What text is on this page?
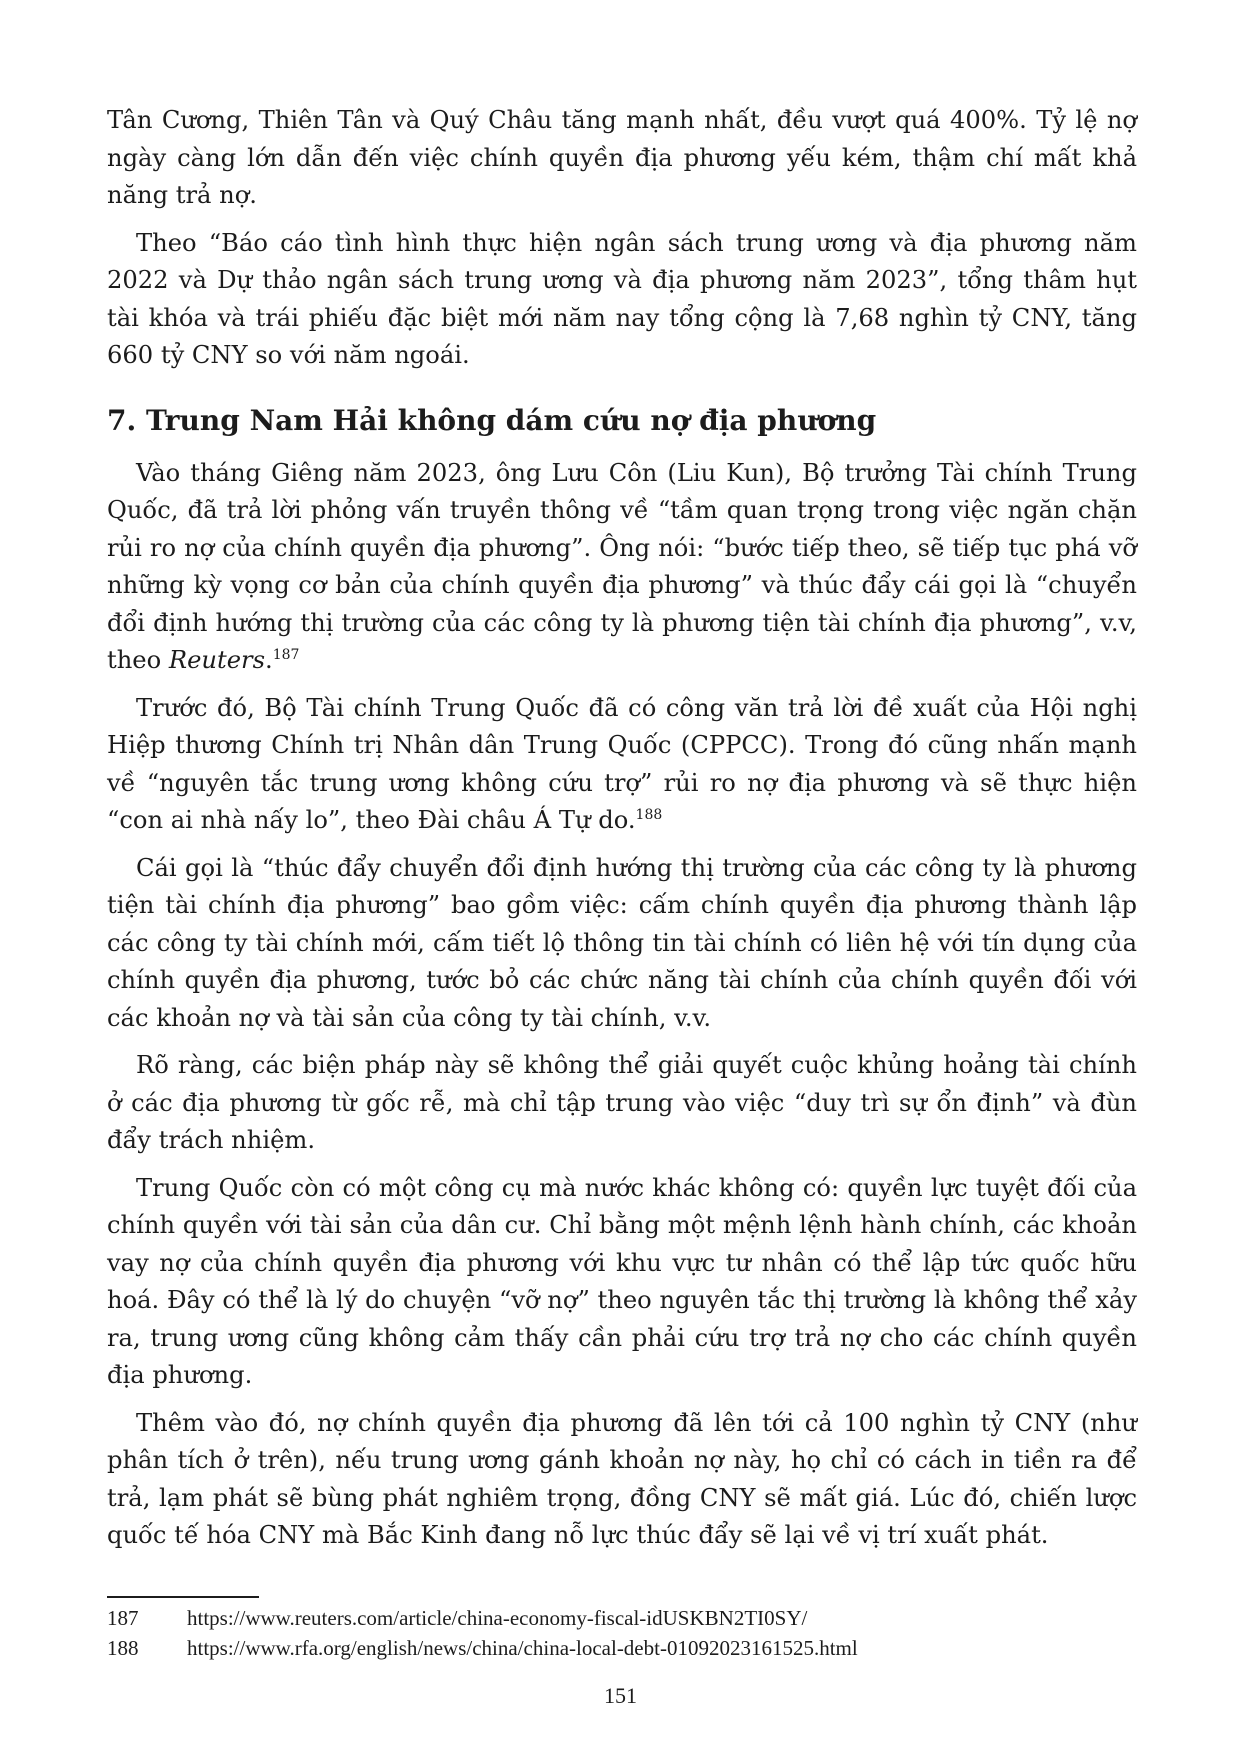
Tân Cương, Thiên Tân và Quý Châu tăng mạnh nhất, đều vượt quá 400%. Tỷ lệ nợ ngày càng lớn dẫn đến việc chính quyền địa phương yếu kém, thậm chí mất khả năng trả nợ.

Theo “Báo cáo tình hình thực hiện ngân sách trung ương và địa phương năm 2022 và Dự thảo ngân sách trung ương và địa phương năm 2023”, tổng thâm hụt tài khóa và trái phiếu đặc biệt mới năm nay tổng cộng là 7,68 nghìn tỷ CNY, tăng 660 tỷ CNY so với năm ngoái.

7. Trung Nam Hải không dám cứu nợ địa phương

Vào tháng Giêng năm 2023, ông Lưu Côn (Liu Kun), Bộ trưởng Tài chính Trung Quốc, đã trả lời phỏng vấn truyền thông về “tầm quan trọng trong việc ngăn chặn rủi ro nợ của chính quyền địa phương”. Ông nói: “bước tiếp theo, sẽ tiếp tục phá vỡ những kỳ vọng cơ bản của chính quyền địa phương” và thúc đẩy cái gọi là “chuyển đổi định hướng thị trường của các công ty là phương tiện tài chính địa phương”, v.v, theo Reuters.$^{187}$

Trước đó, Bộ Tài chính Trung Quốc đã có công văn trả lời đề xuất của Hội nghị Hiệp thương Chính trị Nhân dân Trung Quốc (CPPCC). Trong đó cũng nhấn mạnh về “nguyên tắc trung ương không cứu trợ” rủi ro nợ địa phương và sẽ thực hiện “con ai nhà nấy lo”, theo Đài châu Á Tự do.$^{188}$

Cái gọi là “thúc đẩy chuyển đổi định hướng thị trường của các công ty là phương tiện tài chính địa phương” bao gồm việc: cấm chính quyền địa phương thành lập các công ty tài chính mới, cấm tiết lộ thông tin tài chính có liên hệ với tín dụng của chính quyền địa phương, tước bỏ các chức năng tài chính của chính quyền đối với các khoản nợ và tài sản của công ty tài chính, v.v.

Rõ ràng, các biện pháp này sẽ không thể giải quyết cuộc khủng hoảng tài chính ở các địa phương từ gốc rễ, mà chỉ tập trung vào việc “duy trì sự ổn định” và đùn đẩy trách nhiệm.

Trung Quốc còn có một công cụ mà nước khác không có: quyền lực tuyệt đối của chính quyền với tài sản của dân cư. Chỉ bằng một mệnh lệnh hành chính, các khoản vay nợ của chính quyền địa phương với khu vực tư nhân có thể lập tức quốc hữu hoá. Đây có thể là lý do chuyện “vỡ nợ” theo nguyên tắc thị trường là không thể xảy ra, trung ương cũng không cảm thấy cần phải cứu trợ trả nợ cho các chính quyền địa phương.

Thêm vào đó, nợ chính quyền địa phương đã lên tới cả 100 nghìn tỷ CNY (như phân tích ở trên), nếu trung ương gánh khoản nợ này, họ chỉ có cách in tiền ra để trả, lạm phát sẽ bùng phát nghiêm trọng, đồng CNY sẽ mất giá. Lúc đó, chiến lược quốc tế hóa CNY mà Bắc Kinh đang nỗ lực thúc đẩy sẽ lại về vị trí xuất phát.

187	https://www.reuters.com/article/china-economy-fiscal-idUSKBN2TI0SY/
188	https://www.rfa.org/english/news/china/china-local-debt-01092023161525.html
151
